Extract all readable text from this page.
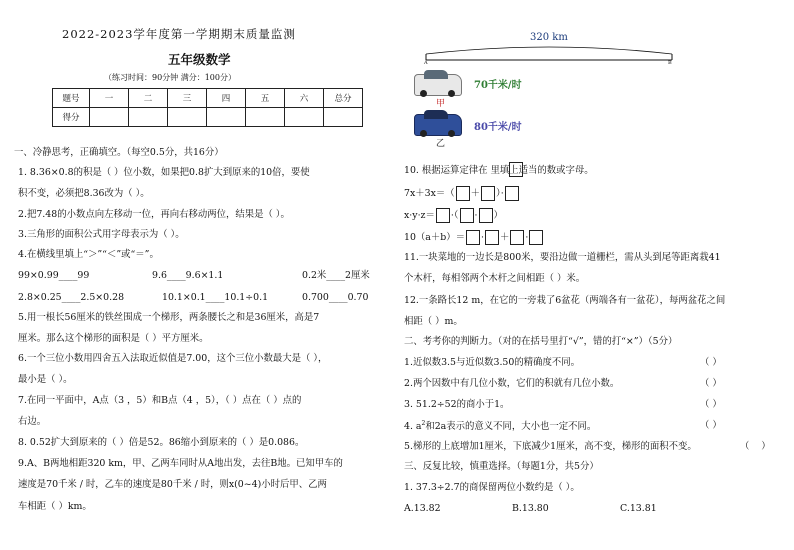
2022-2023学年度第一学期期末质量监测
五年级数学
（练习时间：90分钟 满分：100分）
题号	一	二	三	四	五	六	总分
得分							
一、冷静思考，正确填空。（每空0.5分，共16分）
1. 8.36×0.8的积是（ ）位小数，如果把0.8扩大到原来的10倍，要使
积不变，必须把8.36改为（ ）。
2.把7.48的小数点向左移动一位，再向右移动两位，结果是（ ）。
3.三角形的面积公式用字母表示为（ ）。
4.在横线里填上“＞”“＜”或“＝”。
99×0.99____99	9.6____9.6×1.1	0.2米____2厘米
2.8×0.25____2.5×0.28	10.1×0.1____10.1÷0.1	0.700____0.70
5.用一根长56厘米的铁丝围成一个梯形，两条腰长之和是36厘米，高是7
厘米。那么这个梯形的面积是（ ）平方厘米。
6.一个三位小数用四舍五入法取近似值是7.00，这个三位小数最大是（ ），
最小是（ ）。
7.在同一平面中，A点（3 ，5）和B点（4 ，5），（ ）点在（ ）点的
右边。
8. 0.52扩大到原来的（ ）倍是52。86缩小到原来的（ ）是0.086。
9.A、B两地相距320 km，甲、乙两车同时从A地出发，去往B地。已知甲车的
速度是70千米 / 时，乙车的速度是80千米 / 时，则x(0~4)小时后甲、乙两
车相距（ ）km。
320 km
A	B
甲
70千米/时
乙
80千米/时
10. 根据运算定律在 里填上适当的数或字母。
7x＋3x＝（ ＋ ）·
x·y·z＝ ·（ · ）
10（a＋b）＝ · ＋ ·
11.一块菜地的一边长是800米，要沿边做一道栅栏，需从头到尾等距离栽41
个木杆，每相邻两个木杆之间相距（ ）米。
12.一条路长12 m，在它的一旁栽了6盆花（两端各有一盆花），每两盆花之间
相距（ ）m。
二、考考你的判断力。（对的在括号里打“√”，错的打“×”）（5分）
1.近似数3.5与近似数3.50的精确度不同。	（ ）
2.两个因数中有几位小数，它们的积就有几位小数。	（ ）
3. 51.2÷52的商小于1。	（ ）
4. $a^2$和2a表示的意义不同，大小也一定不同。	（ ）
5.梯形的上底增加1厘米，下底减少1厘米，高不变，梯形的面积不变。	（    ）
三、反复比较，慎重选择。（每题1分，共5分）
1. 37.3÷2.7的商保留两位小数约是（ ）。
A.13.82	B.13.80	C.13.81
